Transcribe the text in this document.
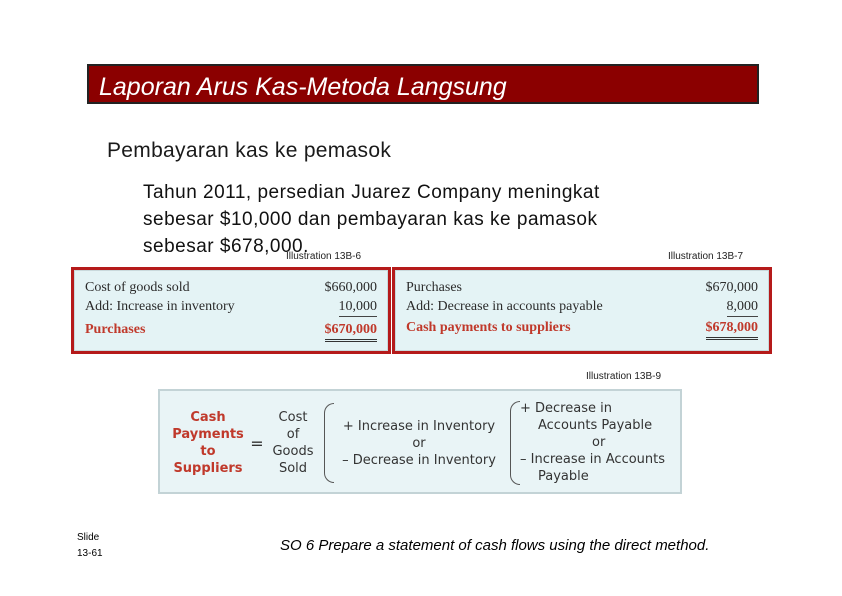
Laporan Arus Kas-Metoda Langsung
Pembayaran kas ke pemasok
Tahun 2011, persedian Juarez Company meningkat
sebesar $10,000 dan pembayaran kas ke pamasok
sebesar $678,000.
Illustration 13B-6	Illustration 13B-7
Cost of goods sold	$660,000
Add: Increase in inventory	10,000
Purchases	$670,000
Purchases	$670,000
Add: Decrease in accounts payable	8,000
Cash payments to suppliers	$678,000
Illustration 13B-9
Cash
Payments
to
Suppliers
=
Cost
of
Goods
Sold
+ Increase in Inventory
or
– Decrease in Inventory
+ Decrease in
Accounts Payable
or
– Increase in Accounts
Payable
Slide
13-61	SO 6 Prepare a statement of cash flows using the direct method.
